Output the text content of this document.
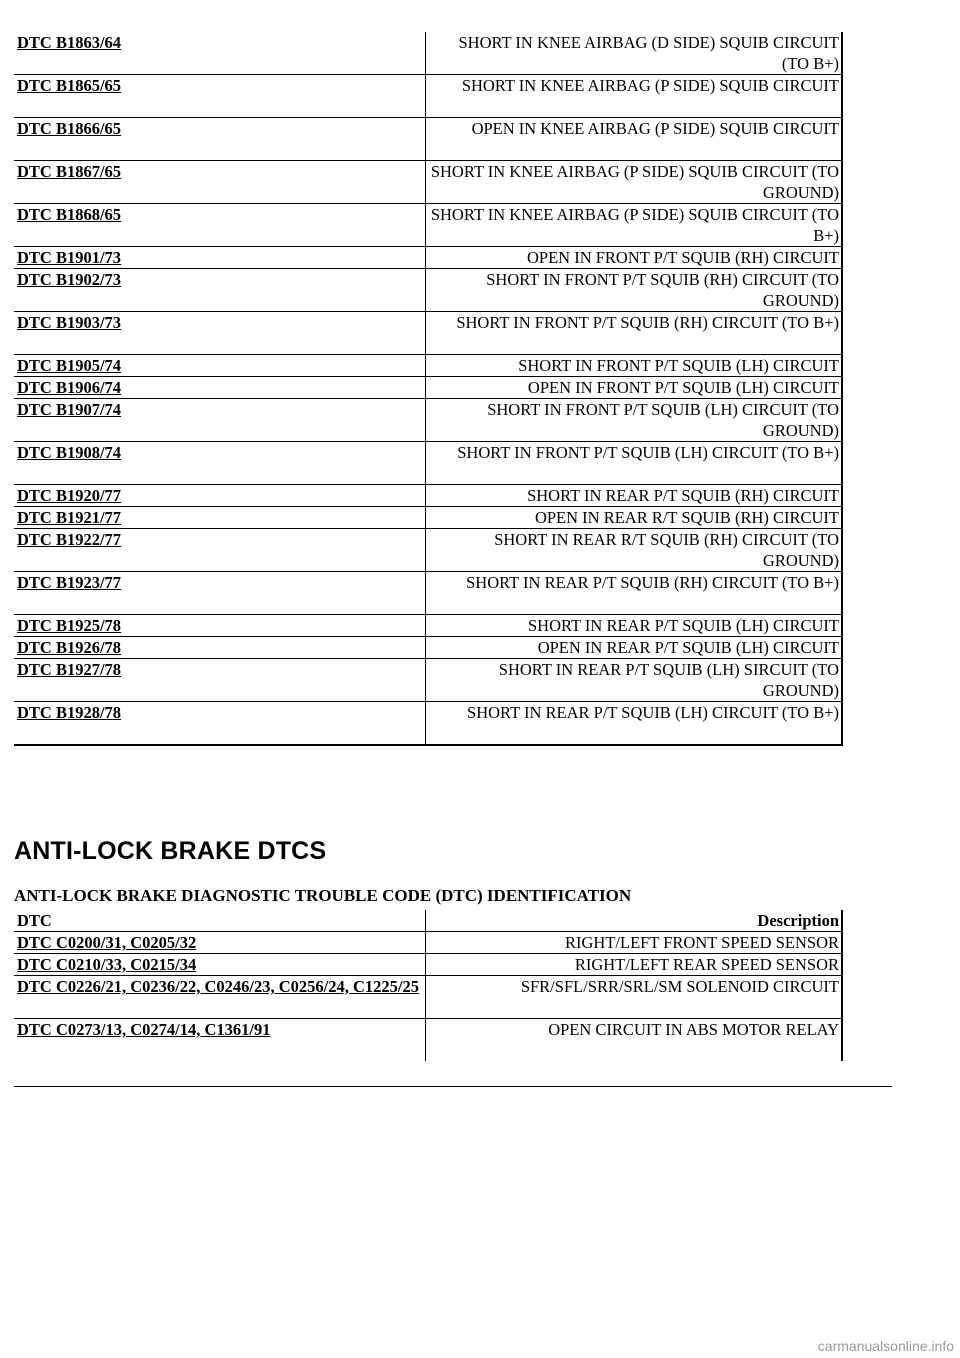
DTC B1863/64	SHORT IN KNEE AIRBAG (D SIDE) SQUIB CIRCUIT (TO B+)
DTC B1865/65	SHORT IN KNEE AIRBAG (P SIDE) SQUIB CIRCUIT
DTC B1866/65	OPEN IN KNEE AIRBAG (P SIDE) SQUIB CIRCUIT
DTC B1867/65	SHORT IN KNEE AIRBAG (P SIDE) SQUIB CIRCUIT (TO GROUND)
DTC B1868/65	SHORT IN KNEE AIRBAG (P SIDE) SQUIB CIRCUIT (TO B+)
DTC B1901/73	OPEN IN FRONT P/T SQUIB (RH) CIRCUIT
DTC B1902/73	SHORT IN FRONT P/T SQUIB (RH) CIRCUIT (TO GROUND)
DTC B1903/73	SHORT IN FRONT P/T SQUIB (RH) CIRCUIT (TO B+)
DTC B1905/74	SHORT IN FRONT P/T SQUIB (LH) CIRCUIT
DTC B1906/74	OPEN IN FRONT P/T SQUIB (LH) CIRCUIT
DTC B1907/74	SHORT IN FRONT P/T SQUIB (LH) CIRCUIT (TO GROUND)
DTC B1908/74	SHORT IN FRONT P/T SQUIB (LH) CIRCUIT (TO B+)
DTC B1920/77	SHORT IN REAR P/T SQUIB (RH) CIRCUIT
DTC B1921/77	OPEN IN REAR R/T SQUIB (RH) CIRCUIT
DTC B1922/77	SHORT IN REAR R/T SQUIB (RH) CIRCUIT (TO GROUND)
DTC B1923/77	SHORT IN REAR P/T SQUIB (RH) CIRCUIT (TO B+)
DTC B1925/78	SHORT IN REAR P/T SQUIB (LH) CIRCUIT
DTC B1926/78	OPEN IN REAR P/T SQUIB (LH) CIRCUIT
DTC B1927/78	SHORT IN REAR P/T SQUIB (LH) SIRCUIT (TO GROUND)
DTC B1928/78	SHORT IN REAR P/T SQUIB (LH) CIRCUIT (TO B+)
ANTI-LOCK BRAKE DTCS

ANTI-LOCK BRAKE DIAGNOSTIC TROUBLE CODE (DTC) IDENTIFICATION

DTC	Description
DTC C0200/31, C0205/32	RIGHT/LEFT FRONT SPEED SENSOR
DTC C0210/33, C0215/34	RIGHT/LEFT REAR SPEED SENSOR
DTC C0226/21, C0236/22, C0246/23, C0256/24, C1225/25	SFR/SFL/SRR/SRL/SM SOLENOID CIRCUIT
DTC C0273/13, C0274/14, C1361/91	OPEN CIRCUIT IN ABS MOTOR RELAY
carmanualsonline.info
